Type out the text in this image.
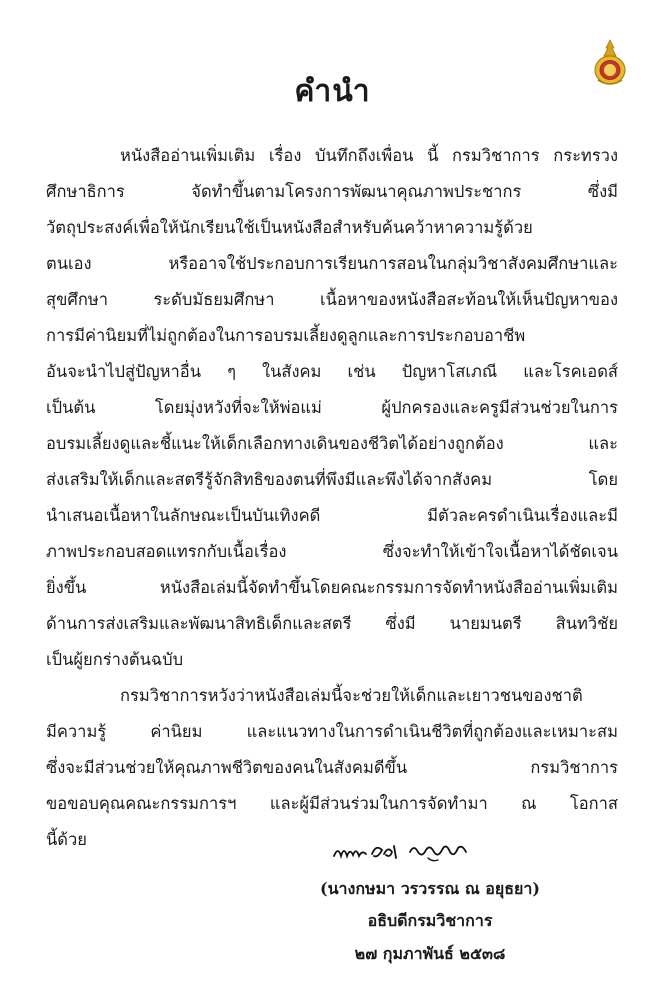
คำนำ
หนังสืออ่านเพิ่มเติม เรื่อง บันทึกถึงเพื่อน นี้ กรมวิชาการ กระทรวง
ศึกษาธิการ จัดทำขึ้นตามโครงการพัฒนาคุณภาพประชากร ซึ่งมี
วัตถุประสงค์เพื่อให้นักเรียนใช้เป็นหนังสือสำหรับค้นคว้าหาความรู้ด้วย
ตนเอง หรืออาจใช้ประกอบการเรียนการสอนในกลุ่มวิชาสังคมศึกษาและ
สุขศึกษา ระดับมัธยมศึกษา เนื้อหาของหนังสือสะท้อนให้เห็นปัญหาของ
การมีค่านิยมที่ไม่ถูกต้องในการอบรมเลี้ยงดูลูกและการประกอบอาชีพ
อันจะนำไปสู่ปัญหาอื่น ๆ ในสังคม เช่น ปัญหาโสเภณี และโรคเอดส์
เป็นต้น โดยมุ่งหวังที่จะให้พ่อแม่ ผู้ปกครองและครูมีส่วนช่วยในการ
อบรมเลี้ยงดูและชี้แนะให้เด็กเลือกทางเดินของชีวิตได้อย่างถูกต้อง และ
ส่งเสริมให้เด็กและสตรีรู้จักสิทธิของตนที่พึงมีและพึงได้จากสังคม โดย
นำเสนอเนื้อหาในลักษณะเป็นบันเทิงคดี มีตัวละครดำเนินเรื่องและมี
ภาพประกอบสอดแทรกกับเนื้อเรื่อง ซึ่งจะทำให้เข้าใจเนื้อหาได้ชัดเจน
ยิ่งขึ้น หนังสือเล่มนี้จัดทำขึ้นโดยคณะกรรมการจัดทำหนังสืออ่านเพิ่มเติม
ด้านการส่งเสริมและพัฒนาสิทธิเด็กและสตรี ซึ่งมี นายมนตรี สินทวิชัย
เป็นผู้ยกร่างต้นฉบับ
กรมวิชาการหวังว่าหนังสือเล่มนี้จะช่วยให้เด็กและเยาวชนของชาติ
มีความรู้ ค่านิยม และแนวทางในการดำเนินชีวิตที่ถูกต้องและเหมาะสม
ซึ่งจะมีส่วนช่วยให้คุณภาพชีวิตของคนในสังคมดีขึ้น กรมวิชาการ
ขอขอบคุณคณะกรรมการฯ และผู้มีส่วนร่วมในการจัดทำมา ณ โอกาส
นี้ด้วย
(นางกษมา วรวรรณ ณ อยุธยา)
อธิบดีกรมวิชาการ
๒๗ กุมภาพันธ์ ๒๕๓๘
